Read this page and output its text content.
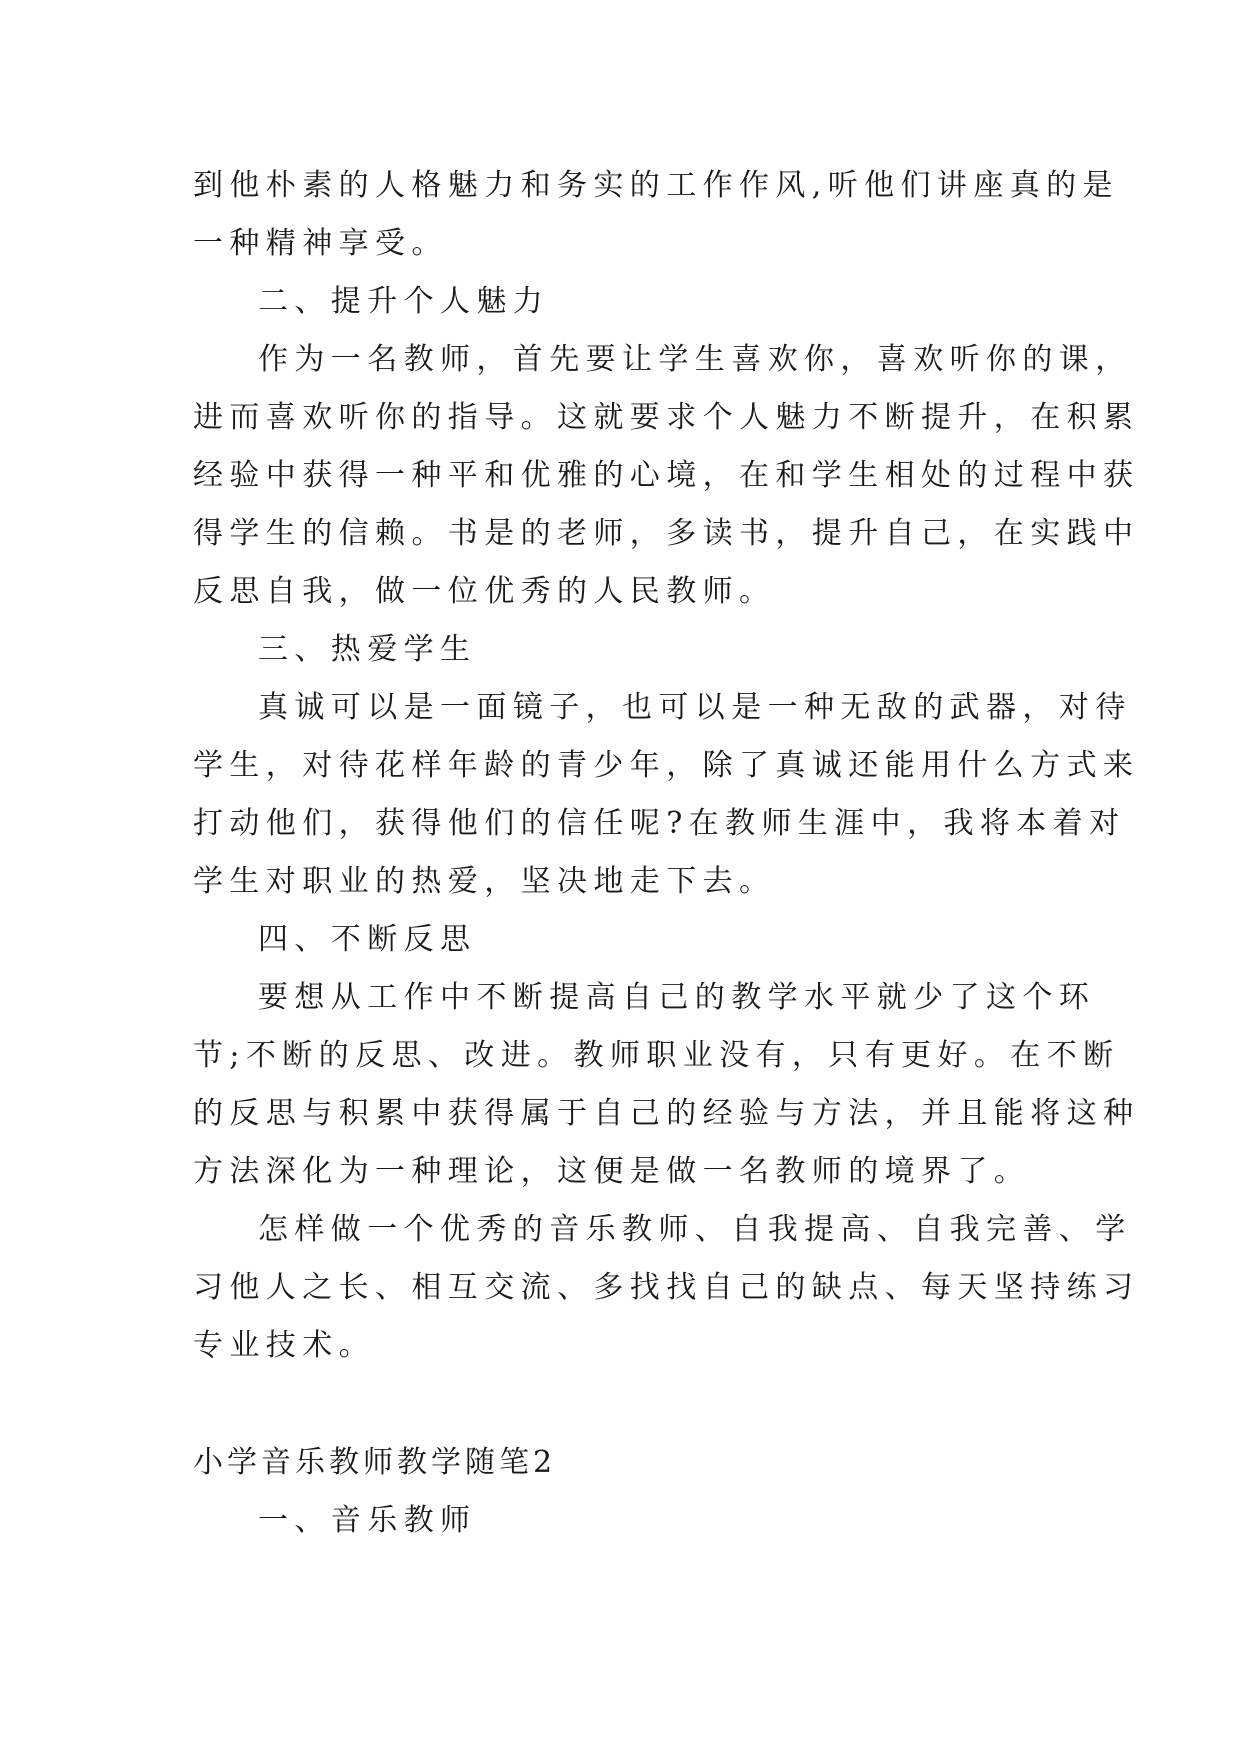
到他朴素的人格魅力和务实的工作作风,听他们讲座真的是
一种精神享受。
二、提升个人魅力
作为一名教师，首先要让学生喜欢你，喜欢听你的课，
进而喜欢听你的指导。这就要求个人魅力不断提升，在积累
经验中获得一种平和优雅的心境，在和学生相处的过程中获
得学生的信赖。书是的老师，多读书，提升自己，在实践中
反思自我，做一位优秀的人民教师。
三、热爱学生
真诚可以是一面镜子，也可以是一种无敌的武器，对待
学生，对待花样年龄的青少年，除了真诚还能用什么方式来
打动他们，获得他们的信任呢?在教师生涯中，我将本着对
学生对职业的热爱，坚决地走下去。
四、不断反思
要想从工作中不断提高自己的教学水平就少了这个环
节;不断的反思、改进。教师职业没有，只有更好。在不断
的反思与积累中获得属于自己的经验与方法，并且能将这种
方法深化为一种理论，这便是做一名教师的境界了。
怎样做一个优秀的音乐教师、自我提高、自我完善、学
习他人之长、相互交流、多找找自己的缺点、每天坚持练习
专业技术。
小学音乐教师教学随笔2
一、音乐教师
